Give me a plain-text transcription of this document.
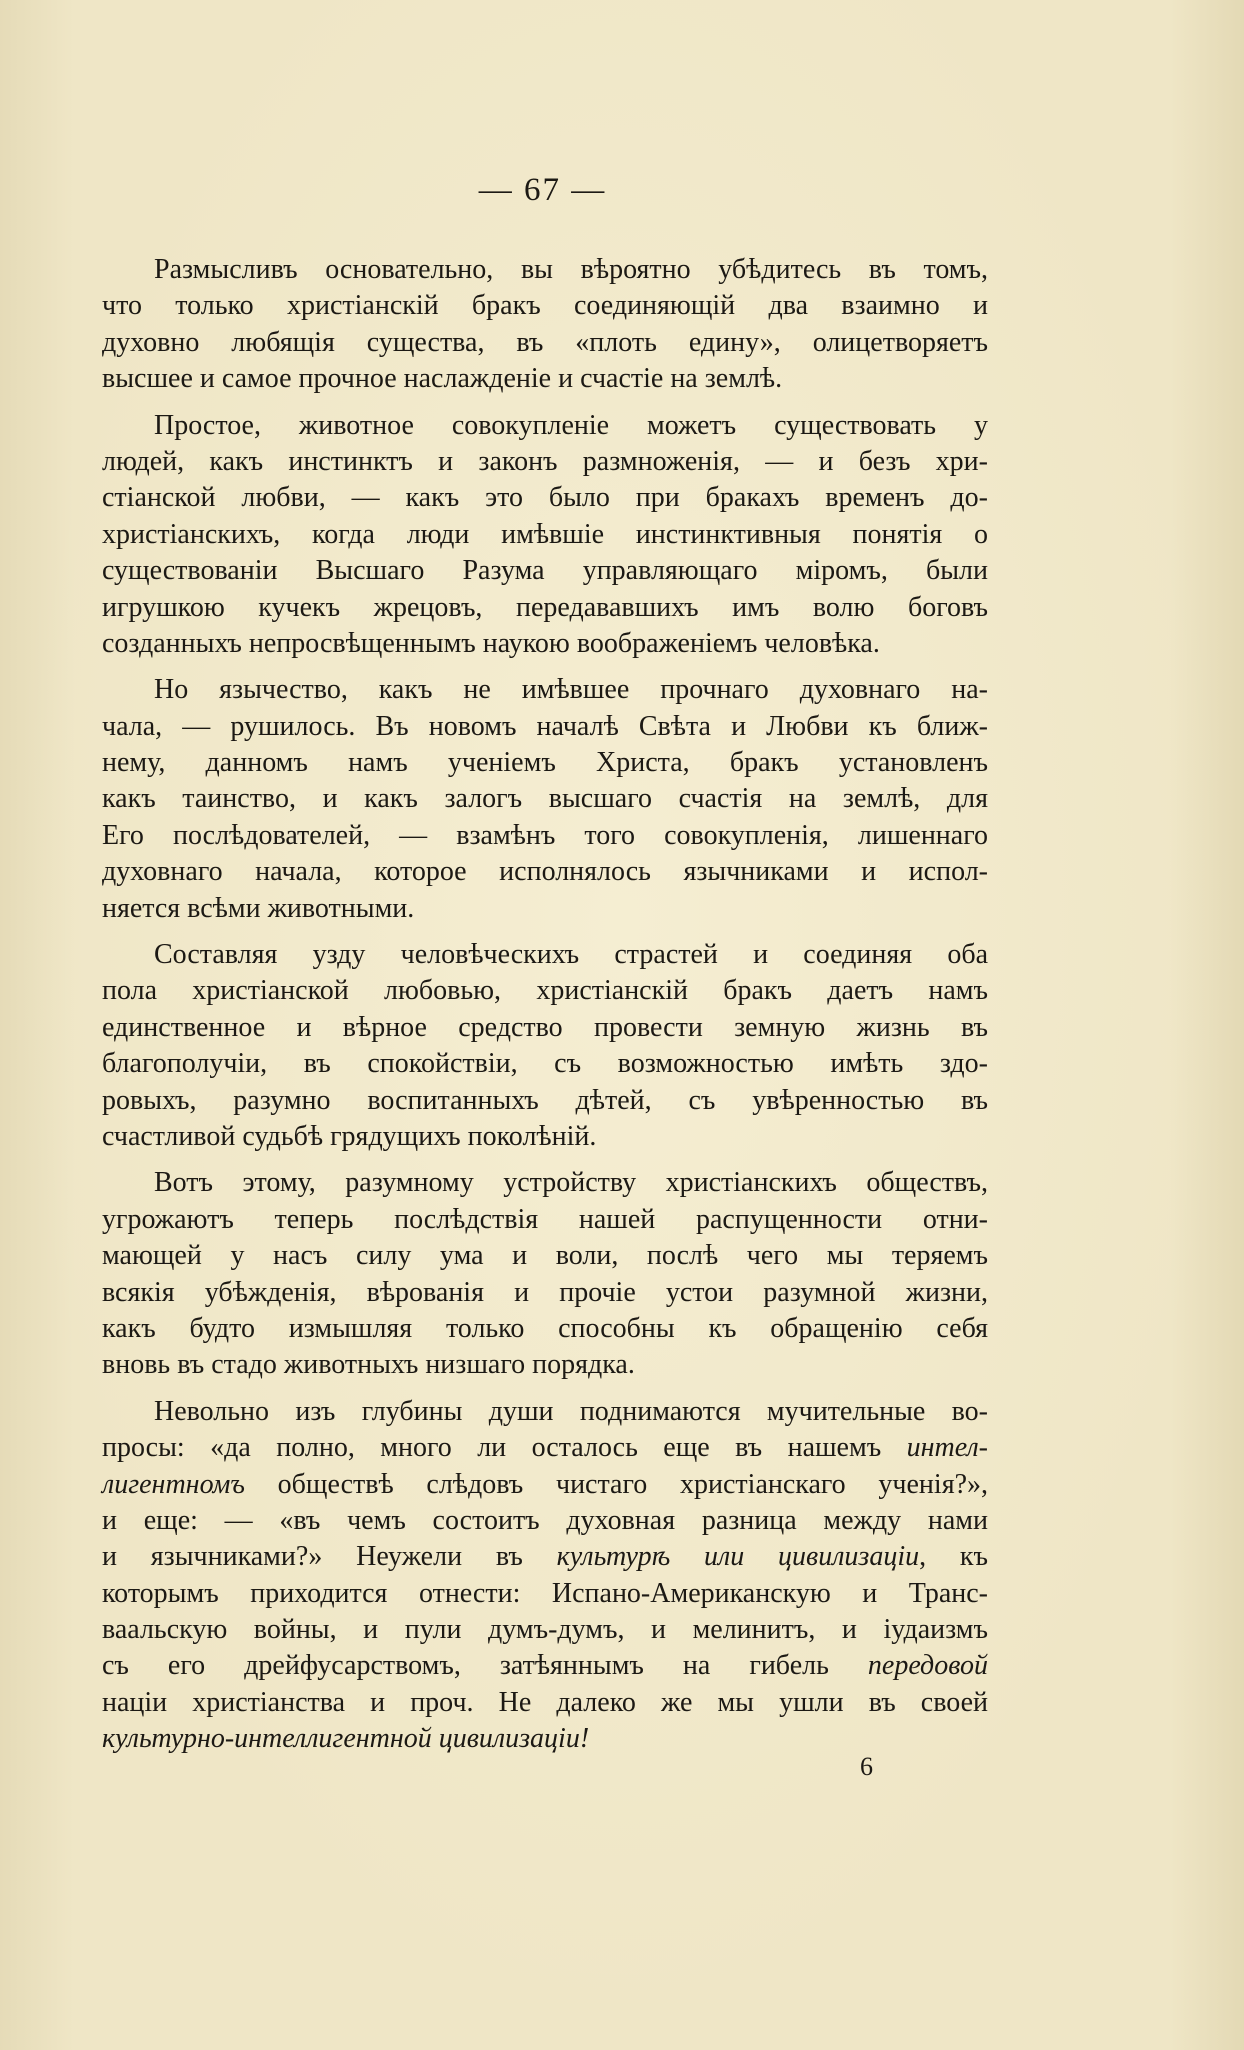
— 67 —
Размысливъ основательно, вы вѣроятно убѣдитесь въ томъ,
что только христіанскій бракъ соединяющій два взаимно и
духовно любящія существа, въ «плоть едину», олицетворяетъ
высшее и самое прочное наслажденіе и счастіе на землѣ.
Простое, животное совокупленіе можетъ существовать у
людей, какъ инстинктъ и законъ размноженія, — и безъ хри-
стіанской любви, — какъ это было при бракахъ временъ до-
христіанскихъ, когда люди имѣвшіе инстинктивныя понятія о
существованіи Высшаго Разума управляющаго міромъ, были
игрушкою кучекъ жрецовъ, передававшихъ имъ волю боговъ
созданныхъ непросвѣщеннымъ наукою воображеніемъ человѣка.
Но язычество, какъ не имѣвшее прочнаго духовнаго на-
чала, — рушилось. Въ новомъ началѣ Свѣта и Любви къ ближ-
нему, данномъ намъ ученіемъ Христа, бракъ установленъ
какъ таинство, и какъ залогъ высшаго счастія на землѣ, для
Его послѣдователей, — взамѣнъ того совокупленія, лишеннаго
духовнаго начала, которое исполнялось язычниками и испол-
няется всѣми животными.
Составляя узду человѣческихъ страстей и соединяя оба
пола христіанской любовью, христіанскій бракъ даетъ намъ
единственное и вѣрное средство провести земную жизнь въ
благополучіи, въ спокойствіи, съ возможностью имѣть здо-
ровыхъ, разумно воспитанныхъ дѣтей, съ увѣренностью въ
счастливой судьбѣ грядущихъ поколѣній.
Вотъ этому, разумному устройству христіанскихъ обществъ,
угрожаютъ теперь послѣдствія нашей распущенности отни-
мающей у насъ силу ума и воли, послѣ чего мы теряемъ
всякія убѣжденія, вѣрованія и прочіе устои разумной жизни,
какъ будто измышляя только способны къ обращенію себя
вновь въ стадо животныхъ низшаго порядка.
Невольно изъ глубины души поднимаются мучительные во-
просы: «да полно, много ли осталось еще въ нашемъ интел-
лигентномъ обществѣ слѣдовъ чистаго христіанскаго ученія?»,
и еще: — «въ чемъ состоитъ духовная разница между нами
и язычниками?» Неужели въ культурѣ или цивилизаціи, къ
которымъ приходится отнести: Испано-Американскую и Транс-
ваальскую войны, и пули думъ-думъ, и мелинитъ, и іудаизмъ
съ его дрейфусарствомъ, затѣяннымъ на гибель передовой
націи христіанства и проч. Не далеко же мы ушли въ своей
культурно-интеллигентной цивилизаціи!
6
